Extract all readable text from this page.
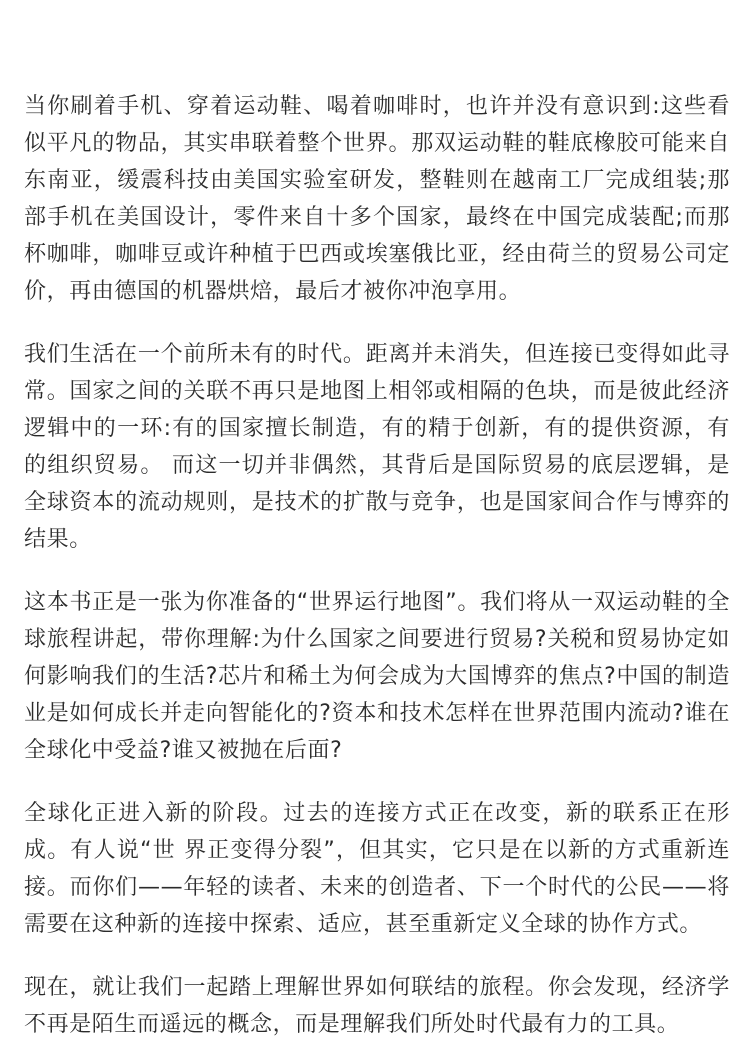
当你刷着手机、穿着运动鞋、喝着咖啡时，也许并没有意识到:这些看似平凡的物品，其实串联着整个世界。那双运动鞋的鞋底橡胶可能来自东南亚，缓震科技由美国实验室研发，整鞋则在越南工厂完成组装;那部手机在美国设计，零件来自十多个国家，最终在中国完成装配;而那杯咖啡，咖啡豆或许种植于巴西或埃塞俄比亚，经由荷兰的贸易公司定价，再由德国的机器烘焙，最后才被你冲泡享用。

我们生活在一个前所未有的时代。距离并未消失，但连接已变得如此寻常。国家之间的关联不再只是地图上相邻或相隔的色块，而是彼此经济逻辑中的一环:有的国家擅长制造，有的精于创新，有的提供资源，有的组织贸易。 而这一切并非偶然，其背后是国际贸易的底层逻辑，是全球资本的流动规则，是技术的扩散与竞争，也是国家间合作与博弈的结果。

这本书正是一张为你准备的“世界运行地图”。我们将从一双运动鞋的全球旅程讲起，带你理解:为什么国家之间要进行贸易?关税和贸易协定如何影响我们的生活?芯片和稀土为何会成为大国博弈的焦点?中国的制造业是如何成长并走向智能化的?资本和技术怎样在世界范围内流动?谁在全球化中受益?谁又被抛在后面?

全球化正进入新的阶段。过去的连接方式正在改变，新的联系正在形成。有人说“世 界正变得分裂”，但其实，它只是在以新的方式重新连接。而你们——年轻的读者、未来的创造者、下一个时代的公民——将需要在这种新的连接中探索、适应，甚至重新定义全球的协作方式。

现在，就让我们一起踏上理解世界如何联结的旅程。你会发现，经济学不再是陌生而遥远的概念，而是理解我们所处时代最有力的工具。
